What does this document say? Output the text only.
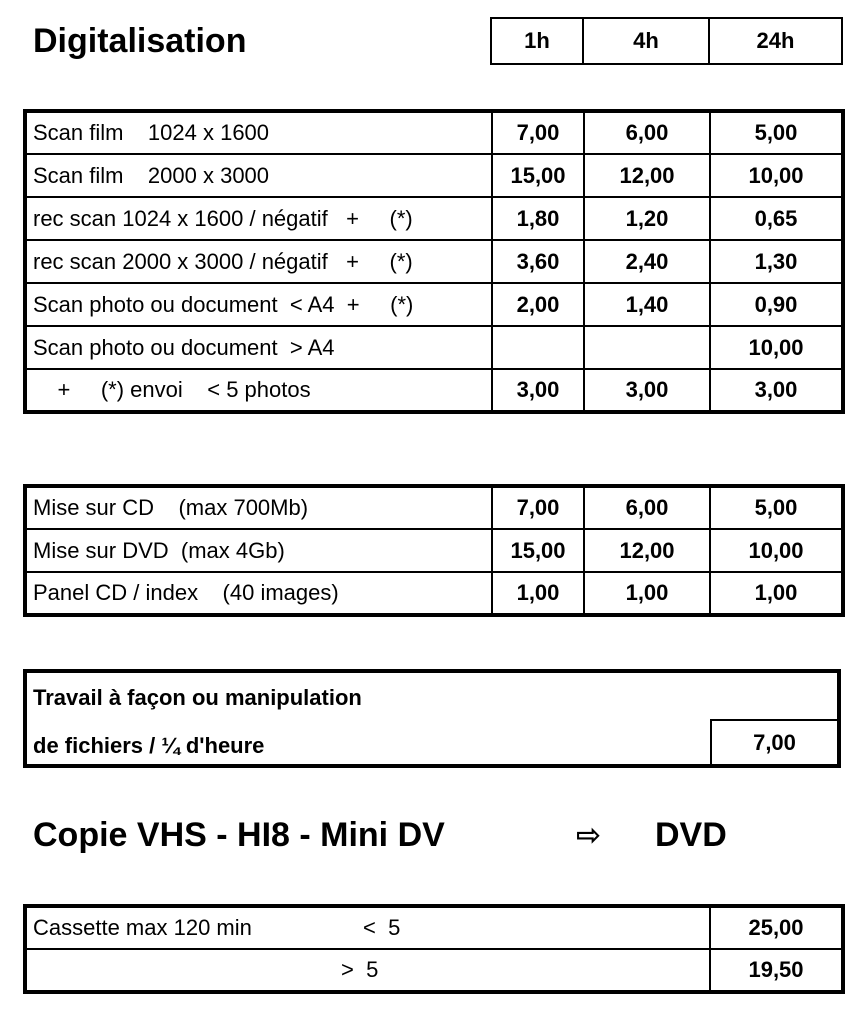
Digitalisation	1h	4h	24h
Scan film    1024 x 1600	7,00	6,00	5,00
Scan film    2000 x 3000	15,00	12,00	10,00
rec scan 1024 x 1600 / négatif   +     (*)	1,80	1,20	0,65
rec scan 2000 x 3000 / négatif   +     (*)	3,60	2,40	1,30
Scan photo ou document  < A4  +     (*)	2,00	1,40	0,90
Scan photo ou document  > A4			10,00
+     (*) envoi    < 5 photos	3,00	3,00	3,00
Mise sur CD    (max 700Mb)	7,00	6,00	5,00
Mise sur DVD  (max 4Gb)	15,00	12,00	10,00
Panel CD / index    (40 images)	1,00	1,00	1,00
Travail à façon ou manipulation
de fichiers / ¼ d'heure	7,00
Copie VHS - HI8 - Mini DV	⇨ DVD
Cassette max 120 min <  5	25,00
>  5	19,50
